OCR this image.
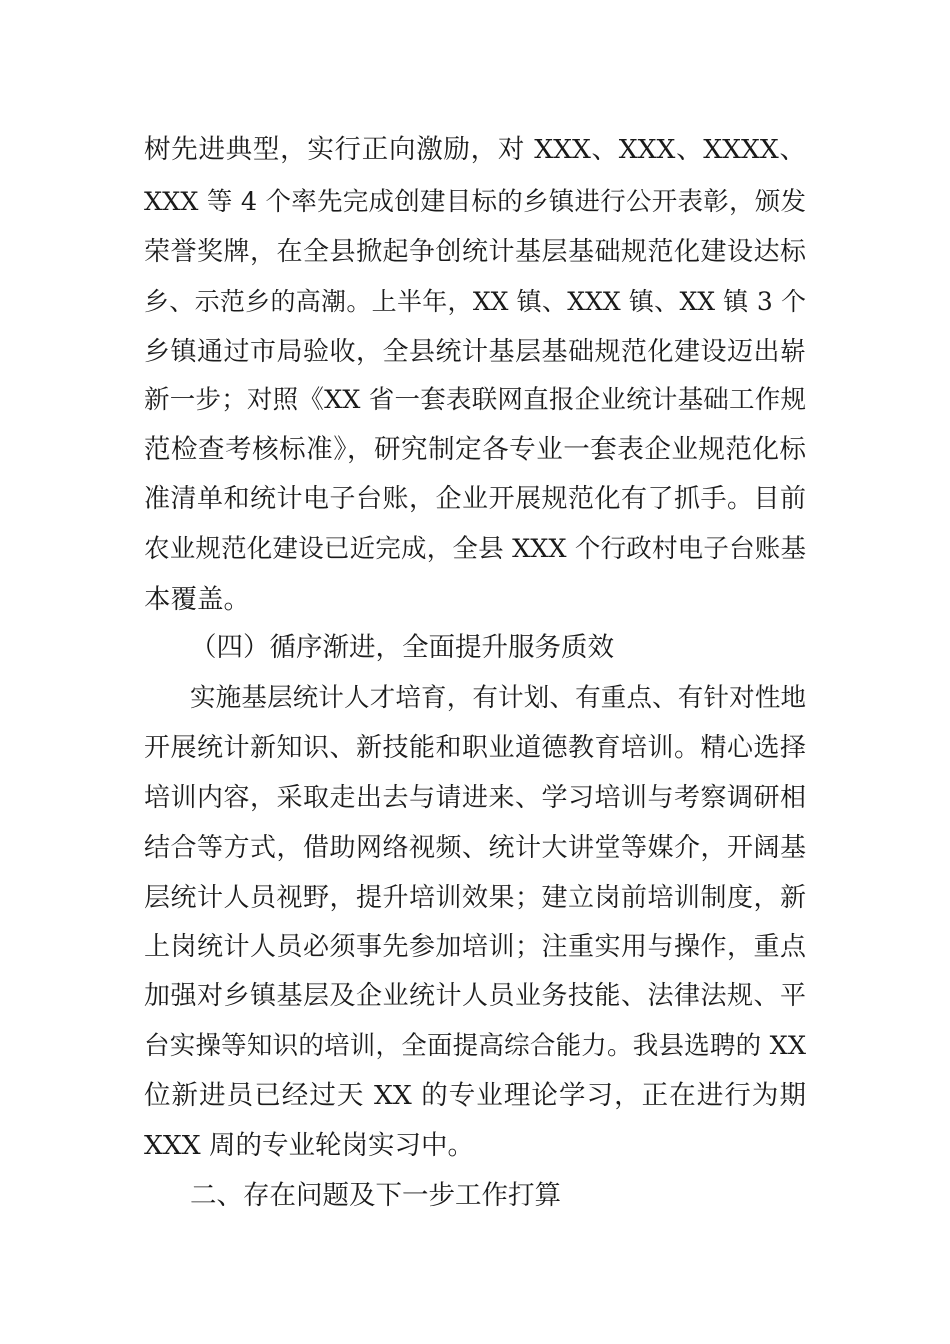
树先进典型，实行正向激励，对 XXX、XXX、XXXX、
XXX 等 4 个率先完成创建目标的乡镇进行公开表彰，颁发
荣誉奖牌，在全县掀起争创统计基层基础规范化建设达标
乡、示范乡的高潮。上半年，XX 镇、XXX 镇、XX 镇 3 个
乡镇通过市局验收，全县统计基层基础规范化建设迈出崭
新一步；对照《XX 省一套表联网直报企业统计基础工作规
范检查考核标准》，研究制定各专业一套表企业规范化标
准清单和统计电子台账，企业开展规范化有了抓手。目前
农业规范化建设已近完成，全县 XXX 个行政村电子台账基
本覆盖。
（四）循序渐进，全面提升服务质效
实施基层统计人才培育，有计划、有重点、有针对性地
开展统计新知识、新技能和职业道德教育培训。精心选择
培训内容，采取走出去与请进来、学习培训与考察调研相
结合等方式，借助网络视频、统计大讲堂等媒介，开阔基
层统计人员视野，提升培训效果；建立岗前培训制度，新
上岗统计人员必须事先参加培训；注重实用与操作，重点
加强对乡镇基层及企业统计人员业务技能、法律法规、平
台实操等知识的培训，全面提高综合能力。我县选聘的 XX
位新进员已经过天 XX 的专业理论学习，正在进行为期
XXX 周的专业轮岗实习中。
二、存在问题及下一步工作打算
